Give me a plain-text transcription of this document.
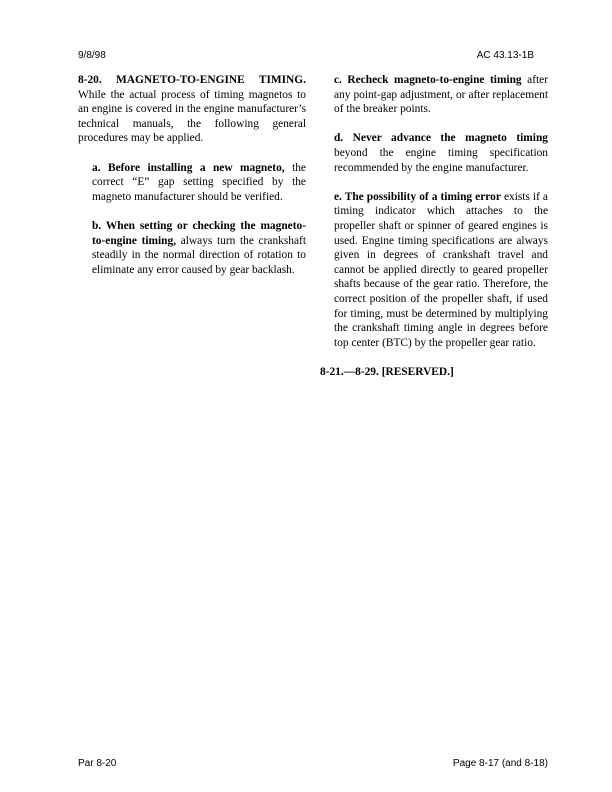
9/8/98	AC 43.13-1B

8-20. MAGNETO-TO-ENGINE TIMING. While the actual process of timing magnetos to an engine is covered in the engine manufacturer’s technical manuals, the following general procedures may be applied.

a. Before installing a new magneto, the correct “E” gap setting specified by the magneto manufacturer should be verified.

b. When setting or checking the magneto-to-engine timing, always turn the crankshaft steadily in the normal direction of rotation to eliminate any error caused by gear backlash.

c. Recheck magneto-to-engine timing after any point-gap adjustment, or after replacement of the breaker points.

d. Never advance the magneto timing beyond the engine timing specification recommended by the engine manufacturer.

e. The possibility of a timing error exists if a timing indicator which attaches to the propeller shaft or spinner of geared engines is used. Engine timing specifications are always given in degrees of crankshaft travel and cannot be applied directly to geared propeller shafts because of the gear ratio. Therefore, the correct position of the propeller shaft, if used for timing, must be determined by multiplying the crankshaft timing angle in degrees before top center (BTC) by the propeller gear ratio.

8-21.—8-29. [RESERVED.]

Par 8-20	Page 8-17 (and 8-18)
